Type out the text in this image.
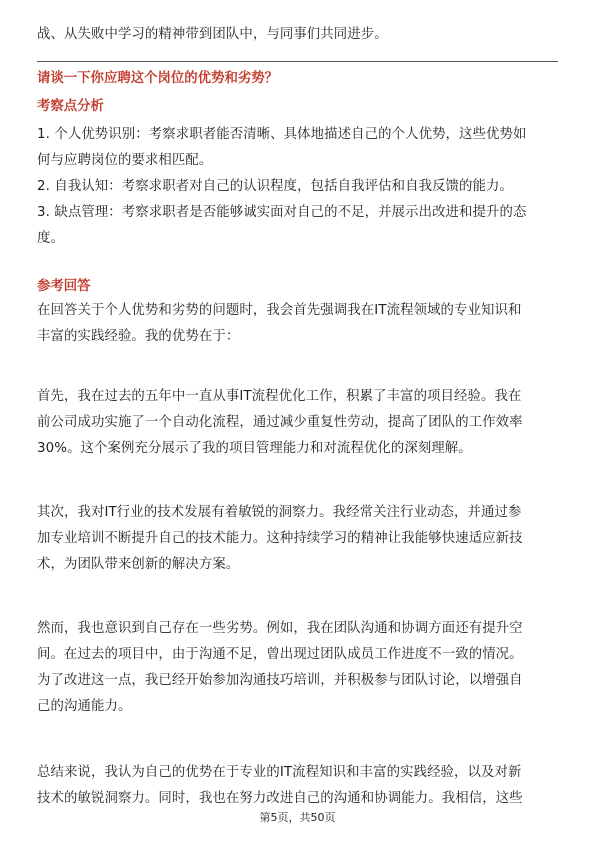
战、从失败中学习的精神带到团队中，与同事们共同进步。
请谈一下你应聘这个岗位的优势和劣势？
考察点分析
1. 个人优势识别：考察求职者能否清晰、具体地描述自己的个人优势，这些优势如
何与应聘岗位的要求相匹配。
2. 自我认知：考察求职者对自己的认识程度，包括自我评估和自我反馈的能力。
3. 缺点管理：考察求职者是否能够诚实面对自己的不足，并展示出改进和提升的态
度。
参考回答
在回答关于个人优势和劣势的问题时，我会首先强调我在IT流程领域的专业知识和
丰富的实践经验。我的优势在于：
首先，我在过去的五年中一直从事IT流程优化工作，积累了丰富的项目经验。我在
前公司成功实施了一个自动化流程，通过减少重复性劳动，提高了团队的工作效率
30%。这个案例充分展示了我的项目管理能力和对流程优化的深刻理解。
其次，我对IT行业的技术发展有着敏锐的洞察力。我经常关注行业动态，并通过参
加专业培训不断提升自己的技术能力。这种持续学习的精神让我能够快速适应新技
术，为团队带来创新的解决方案。
然而，我也意识到自己存在一些劣势。例如，我在团队沟通和协调方面还有提升空
间。在过去的项目中，由于沟通不足，曾出现过团队成员工作进度不一致的情况。
为了改进这一点，我已经开始参加沟通技巧培训，并积极参与团队讨论，以增强自
己的沟通能力。
总结来说，我认为自己的优势在于专业的IT流程知识和丰富的实践经验，以及对新
技术的敏锐洞察力。同时，我也在努力改进自己的沟通和协调能力。我相信，这些
第5页，共50页
